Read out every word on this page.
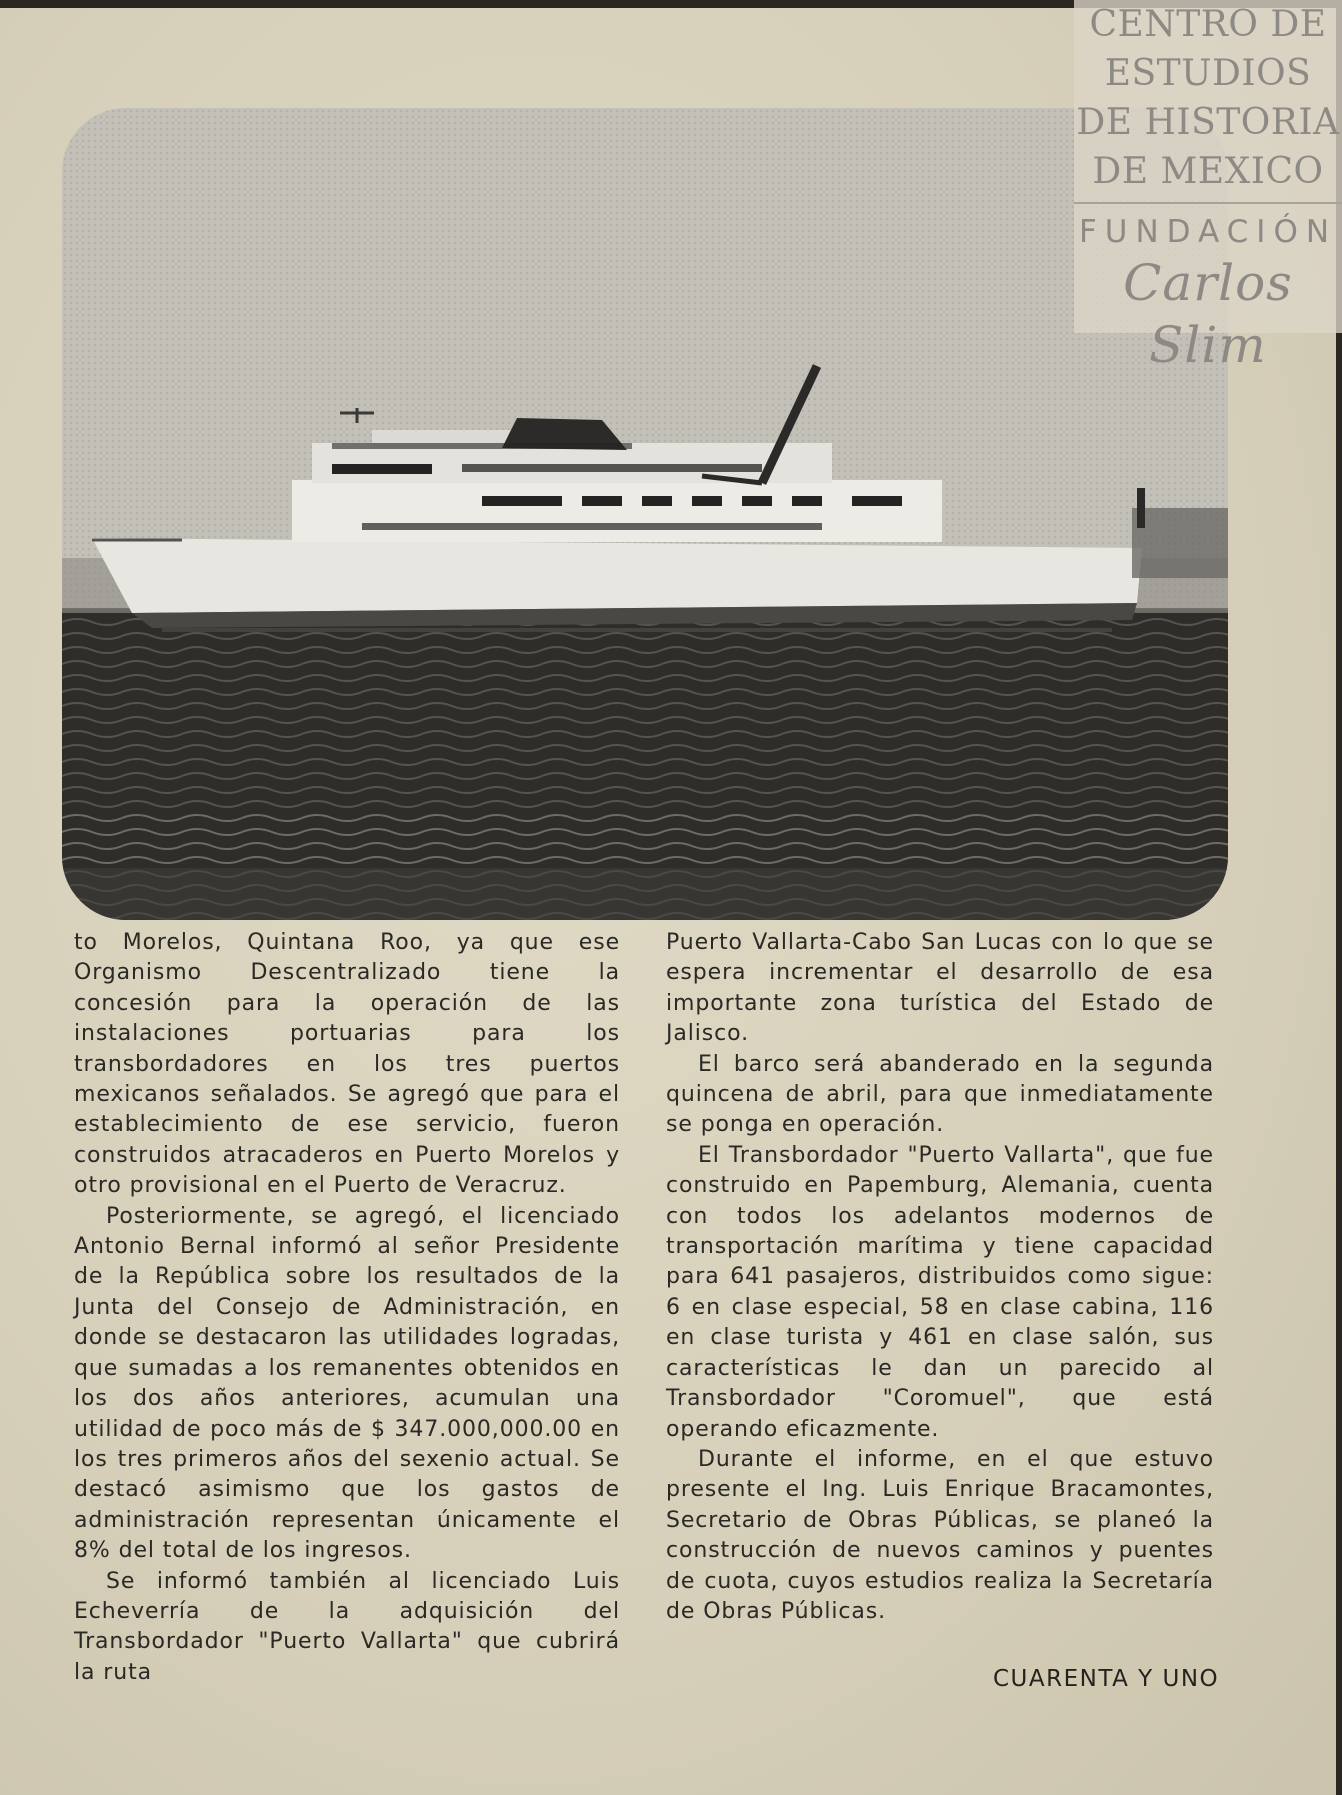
to Morelos, Quintana Roo, ya que ese Organismo Descentralizado tiene la concesión para la operación de las instalaciones portuarias para los transbordadores en los tres puertos mexicanos señalados. Se agregó que para el establecimiento de ese servicio, fueron construidos atracaderos en Puerto Morelos y otro provisional en el Puerto de Veracruz.

Posteriormente, se agregó, el licenciado Antonio Bernal informó al señor Presidente de la República sobre los resultados de la Junta del Consejo de Administración, en donde se destacaron las utilidades logradas, que sumadas a los remanentes obtenidos en los dos años anteriores, acumulan una utilidad de poco más de $ 347.000,000.00 en los tres primeros años del sexenio actual. Se destacó asimismo que los gastos de administración representan únicamente el 8% del total de los ingresos.

Se informó también al licenciado Luis Echeverría de la adquisición del Transbordador "Puerto Vallarta" que cubrirá la ruta

Puerto Vallarta-Cabo San Lucas con lo que se espera incrementar el desarrollo de esa importante zona turística del Estado de Jalisco.

El barco será abanderado en la segunda quincena de abril, para que inmediatamente se ponga en operación.

El Transbordador "Puerto Vallarta", que fue construido en Papemburg, Alemania, cuenta con todos los adelantos modernos de transportación marítima y tiene capacidad para 641 pasajeros, distribuidos como sigue: 6 en clase especial, 58 en clase cabina, 116 en clase turista y 461 en clase salón, sus características le dan un parecido al Transbordador "Coromuel", que está operando eficazmente.

Durante el informe, en el que estuvo presente el Ing. Luis Enrique Bracamontes, Secretario de Obras Públicas, se planeó la construcción de nuevos caminos y puentes de cuota, cuyos estudios realiza la Secretaría de Obras Públicas.

CUARENTA Y UNO
CENTRO DE
ESTUDIOS
DE HISTORIA
DE MEXICO
FUNDACIÓN
Carlos Slim
